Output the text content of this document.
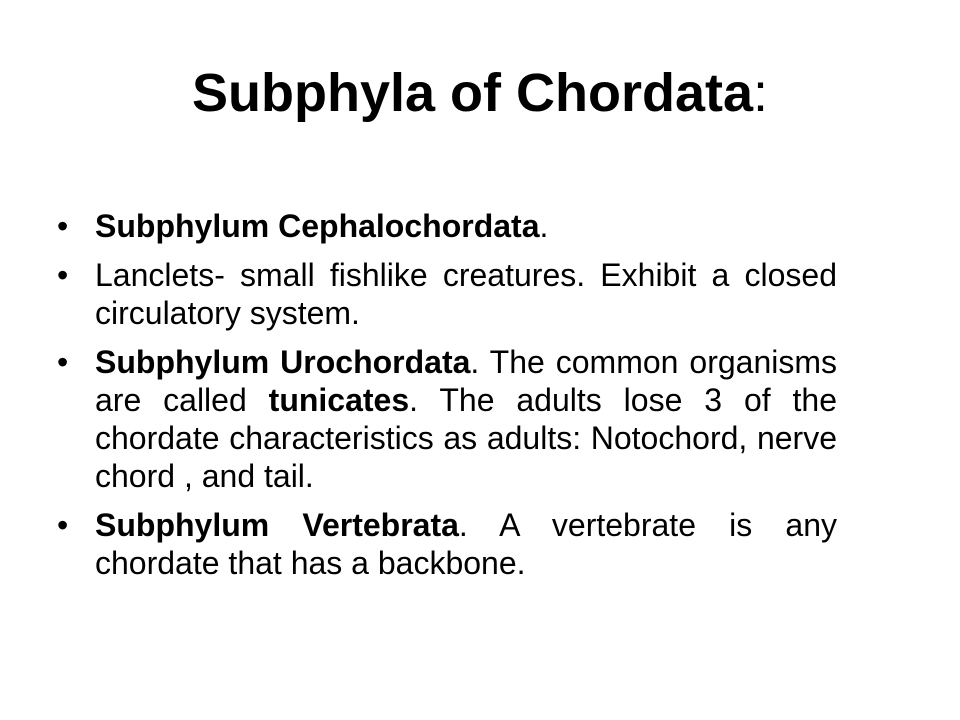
Subphyla of Chordata:
• Subphylum Cephalochordata.
• Lanclets- small fishlike creatures. Exhibit a closed circulatory system.
• Subphylum Urochordata. The common organisms are called tunicates. The adults lose 3 of the chordate characteristics as adults: Notochord, nerve chord , and tail.
• Subphylum Vertebrata. A vertebrate is any chordate that has a backbone.
